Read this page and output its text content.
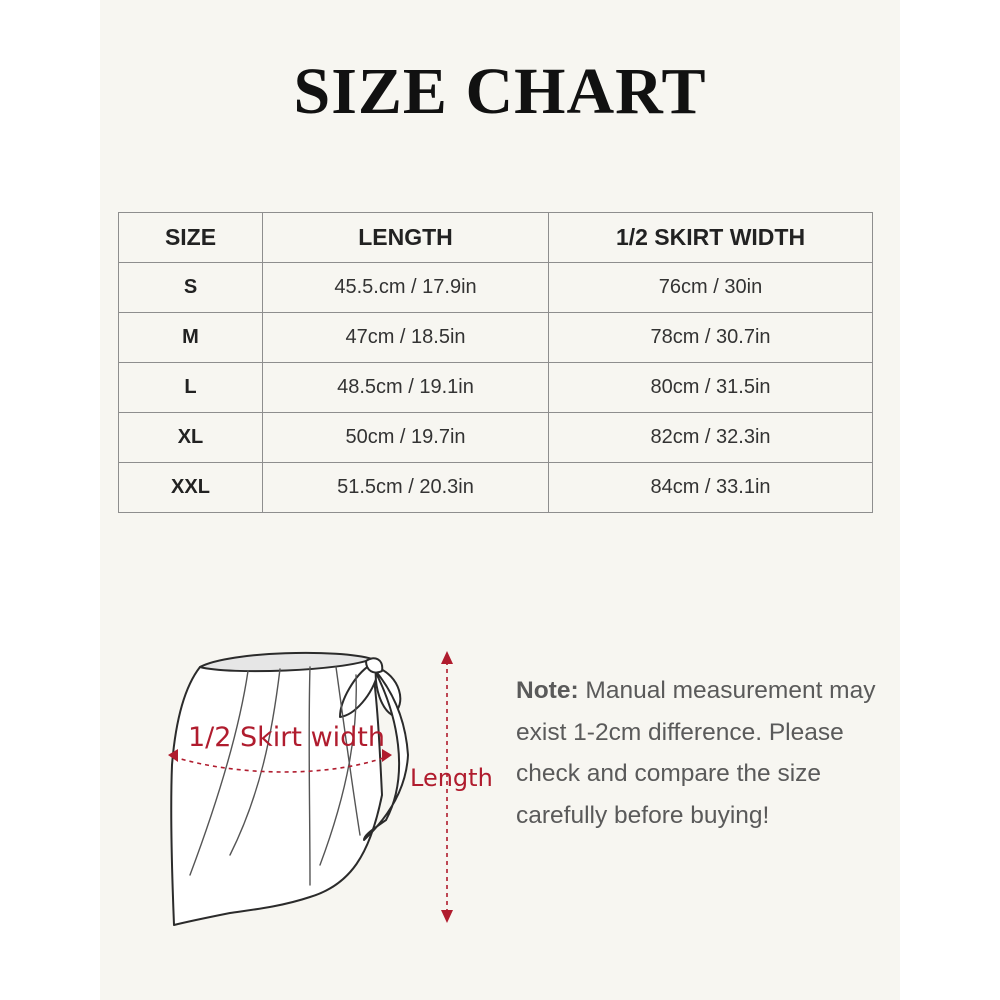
SIZE CHART
SIZE	LENGTH	1/2 SKIRT WIDTH
S	45.5.cm / 17.9in	76cm / 30in
M	47cm / 18.5in	78cm / 30.7in
L	48.5cm / 19.1in	80cm / 31.5in
XL	50cm / 19.7in	82cm / 32.3in
XXL	51.5cm / 20.3in	84cm / 33.1in
1/2 Skirt width
Length
Note: Manual measurement may exist 1-2cm difference. Please check and compare the size carefully before buying!
